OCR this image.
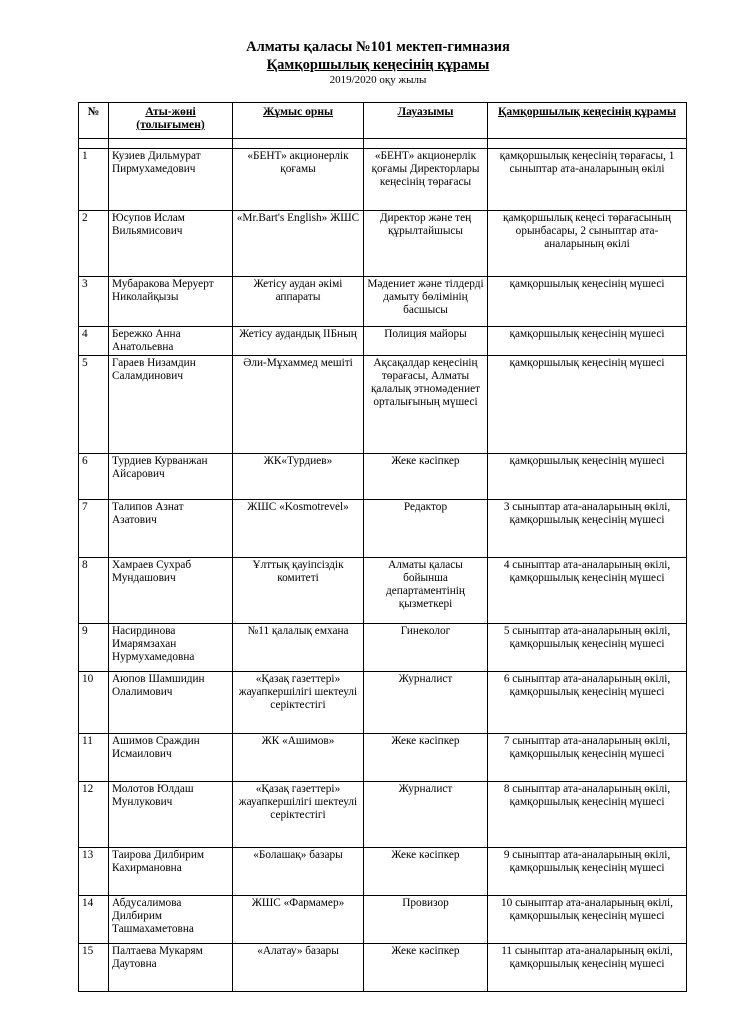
Алматы қаласы №101 мектеп-гимназия
Қамқоршылық кеңесінің құрамы
2019/2020 оқу жылы
№	Аты-жөні (толығымен)	Жұмыс орны	Лауазымы	Қамқоршылық кеңесінің құрамы

1	Кузиев Дильмурат Пирмухамедович	«БЕНТ» акционерлік қоғамы	«БЕНТ» акционерлік қоғамы Директорлары кеңесінің төрағасы	қамқоршылық кеңесінің төрағасы, 1 сыныптар ата-аналарының өкілі
2	Юсупов Ислам Вильямисович	«Mr.Bart's English» ЖШС	Директор және тең құрылтайшысы	қамқоршылық кеңесі төрағасының орынбасары, 2 сыныптар ата-аналарының өкілі
3	Мубаракова Меруерт Николайқызы	Жетісу аудан әкімі аппараты	Мәдениет және тілдерді дамыту бөлімінің басшысы	қамқоршылық кеңесінің мүшесі
4	Бережко Анна Анатольевна	Жетісу аудандық ІІБның	Полиция майоры	қамқоршылық кеңесінің мүшесі
5	Гараев Низамдин Саламдинович	Әли-Мұхаммед мешіті	Ақсақалдар кеңесінің төрағасы, Алматы қалалық этномәдениет орталығының мүшесі	қамқоршылық кеңесінің мүшесі
6	Турдиев Курванжан Айсарович	ЖК«Турдиев»	Жеке кәсіпкер	қамқоршылық кеңесінің мүшесі
7	Талипов Азнат Азатович	ЖШС «Kosmotrevel»	Редактор	3 сыныптар ата-аналарының өкілі, қамқоршылық кеңесінің мүшесі
8	Хамраев Сухраб Мундашович	Ұлттық қауіпсіздік комитеті	Алматы қаласы бойынша департаментінің қызметкері	4 сыныптар ата-аналарының өкілі, қамқоршылық кеңесінің мүшесі
9	Насирдинова Имарямзахан Нурмухамедовна	№11 қалалық емхана	Гинеколог	5 сыныптар ата-аналарының өкілі, қамқоршылық кеңесінің мүшесі
10	Аюпов Шамшидин Олалимович	«Қазақ газеттері» жауапкершілігі шектеулі серіктестігі	Журналист	6 сыныптар ата-аналарының өкілі, қамқоршылық кеңесінің мүшесі
11	Ашимов Сраждин Исмаилович	ЖК «Ашимов»	Жеке кәсіпкер	7 сыныптар ата-аналарының өкілі, қамқоршылық кеңесінің мүшесі
12	Молотов Юлдаш Мунлукович	«Қазақ газеттері» жауапкершілігі шектеулі серіктестігі	Журналист	8 сыныптар ата-аналарының өкілі, қамқоршылық кеңесінің мүшесі
13	Таирова Дилбирим Кахирмановна	«Болашақ» базары	Жеке кәсіпкер	9 сыныптар ата-аналарының өкілі, қамқоршылық кеңесінің мүшесі
14	Абдусалимова Дилбирим Ташмахаметовна	ЖШС «Фармамер»	Провизор	10 сыныптар ата-аналарының өкілі, қамқоршылық кеңесінің мүшесі
15	Палтаева Мукарям Даутовна	«Алатау» базары	Жеке кәсіпкер	11 сыныптар ата-аналарының өкілі, қамқоршылық кеңесінің мүшесі
